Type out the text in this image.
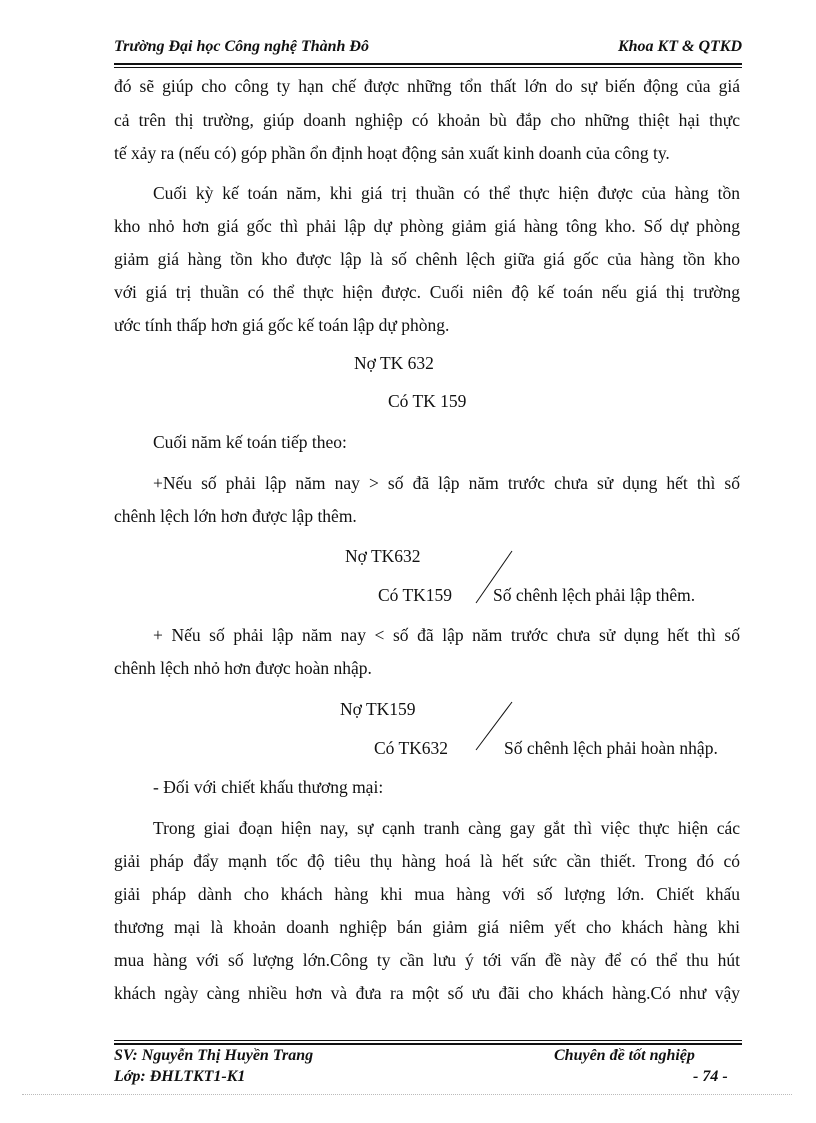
Trường Đại học Công nghệ Thành Đô	Khoa KT & QTKD
đó sẽ giúp cho công ty hạn chế được những tổn thất lớn do sự biến động của giá
cả trên thị trường, giúp doanh nghiệp có khoản bù đắp cho những thiệt hại thực
tế xảy ra (nếu có) góp phần ổn định hoạt động sản xuất kinh doanh của công ty.
Cuối kỳ kế toán năm, khi giá trị thuần có thể thực hiện được của hàng tồn
kho nhỏ hơn giá gốc thì phải lập dự phòng giảm giá hàng tông kho. Số dự phòng
giảm giá hàng tồn kho được lập là số chênh lệch giữa giá gốc của hàng tồn kho
với giá trị thuần có thể thực hiện được. Cuối niên độ kế toán nếu giá thị trường
ước tính thấp hơn giá gốc kế toán lập dự phòng.
Nợ TK 632
Có TK 159
Cuối năm kế toán tiếp theo:
+Nếu số phải lập năm nay > số đã lập năm trước chưa sử dụng hết thì số
chênh lệch lớn hơn được lập thêm.
Nợ TK632
Có TK159 Số chênh lệch phải lập thêm.
+ Nếu số phải lập năm nay < số đã lập năm trước chưa sử dụng hết thì số
chênh lệch nhỏ hơn được hoàn nhập.
Nợ TK159
Có TK632	Số chênh lệch phải hoàn nhập.
- Đối với chiết khấu thương mại:
Trong giai đoạn hiện nay, sự cạnh tranh càng gay gắt thì việc thực hiện các
giải pháp đẩy mạnh tốc độ tiêu thụ hàng hoá là hết sức cần thiết. Trong đó có
giải pháp dành cho khách hàng khi mua hàng với số lượng lớn. Chiết khấu
thương mại là khoản doanh nghiệp bán giảm giá niêm yết cho khách hàng khi
mua hàng với số lượng lớn.Công ty cần lưu ý tới vấn đề này để có thể thu hút
khách ngày càng nhiều hơn và đưa ra một số ưu đãi cho khách hàng.Có như vậy
SV: Nguyễn Thị Huyền Trang
Lớp: ĐHLTKT1-K1
Chuyên đề tốt nghiệp
- 74 -
